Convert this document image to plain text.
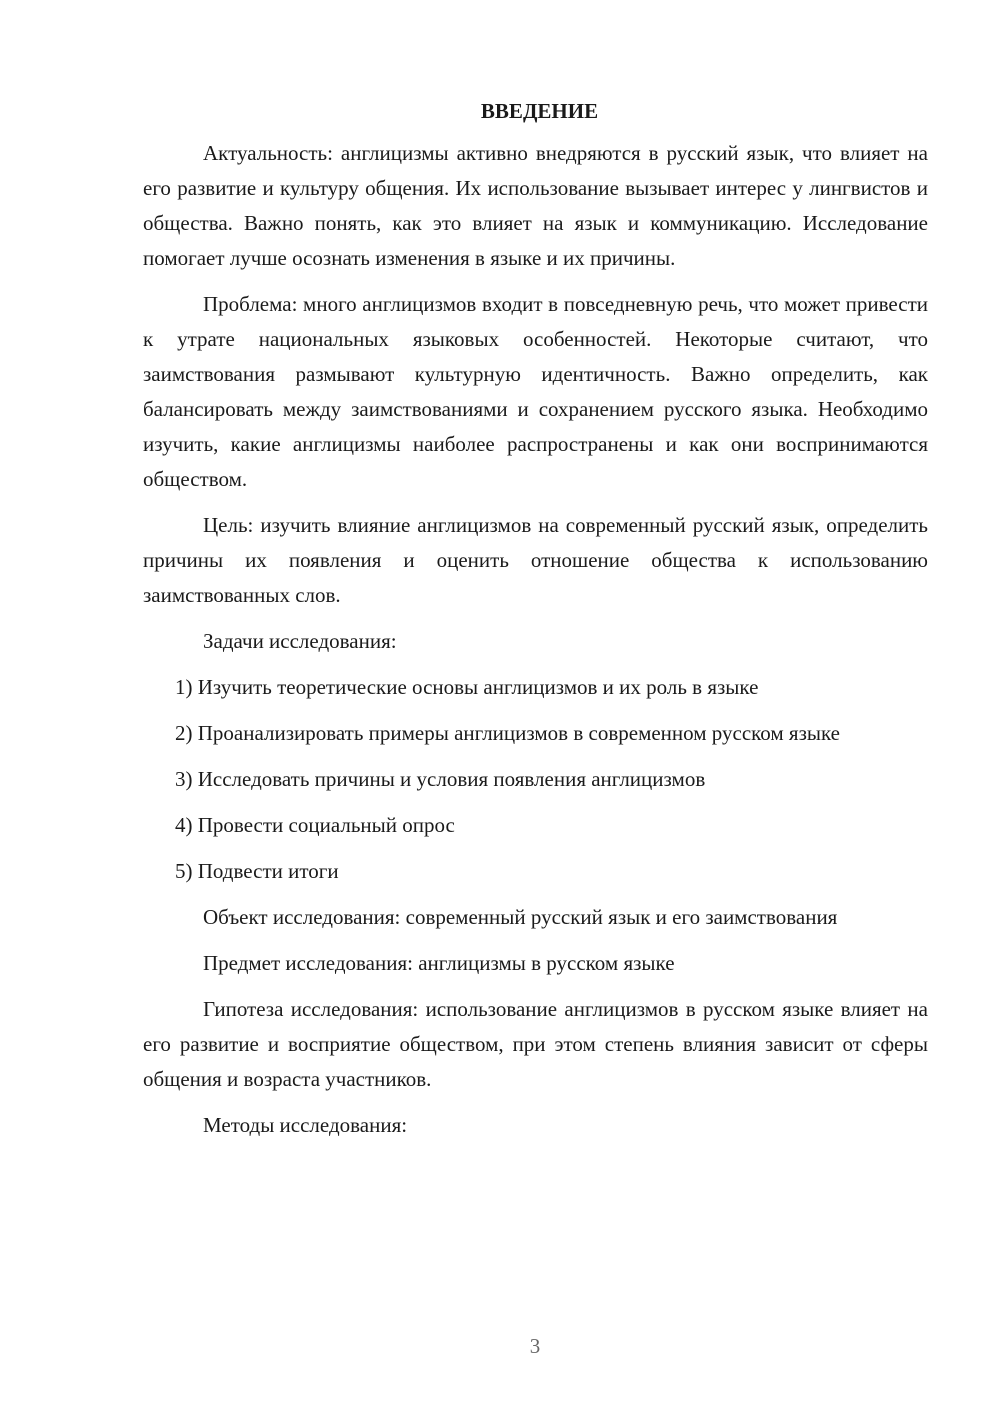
ВВЕДЕНИЕ

Актуальность: англицизмы активно внедряются в русский язык, что влияет на его развитие и культуру общения. Их использование вызывает интерес у лингвистов и общества. Важно понять, как это влияет на язык и коммуникацию. Исследование помогает лучше осознать изменения в языке и их причины.

Проблема: много англицизмов входит в повседневную речь, что может привести к утрате национальных языковых особенностей. Некоторые считают, что заимствования размывают культурную идентичность. Важно определить, как балансировать между заимствованиями и сохранением русского языка. Необходимо изучить, какие англицизмы наиболее распространены и как они воспринимаются обществом.

Цель: изучить влияние англицизмов на современный русский язык, определить причины их появления и оценить отношение общества к использованию заимствованных слов.

Задачи исследования:

1) Изучить теоретические основы англицизмов и их роль в языке

2) Проанализировать примеры англицизмов в современном русском языке

3) Исследовать причины и условия появления англицизмов

4) Провести социальный опрос

5) Подвести итоги

Объект исследования: современный русский язык и его заимствования

Предмет исследования: англицизмы в русском языке

Гипотеза исследования: использование англицизмов в русском языке влияет на его развитие и восприятие обществом, при этом степень влияния зависит от сферы общения и возраста участников.

Методы исследования:

3
